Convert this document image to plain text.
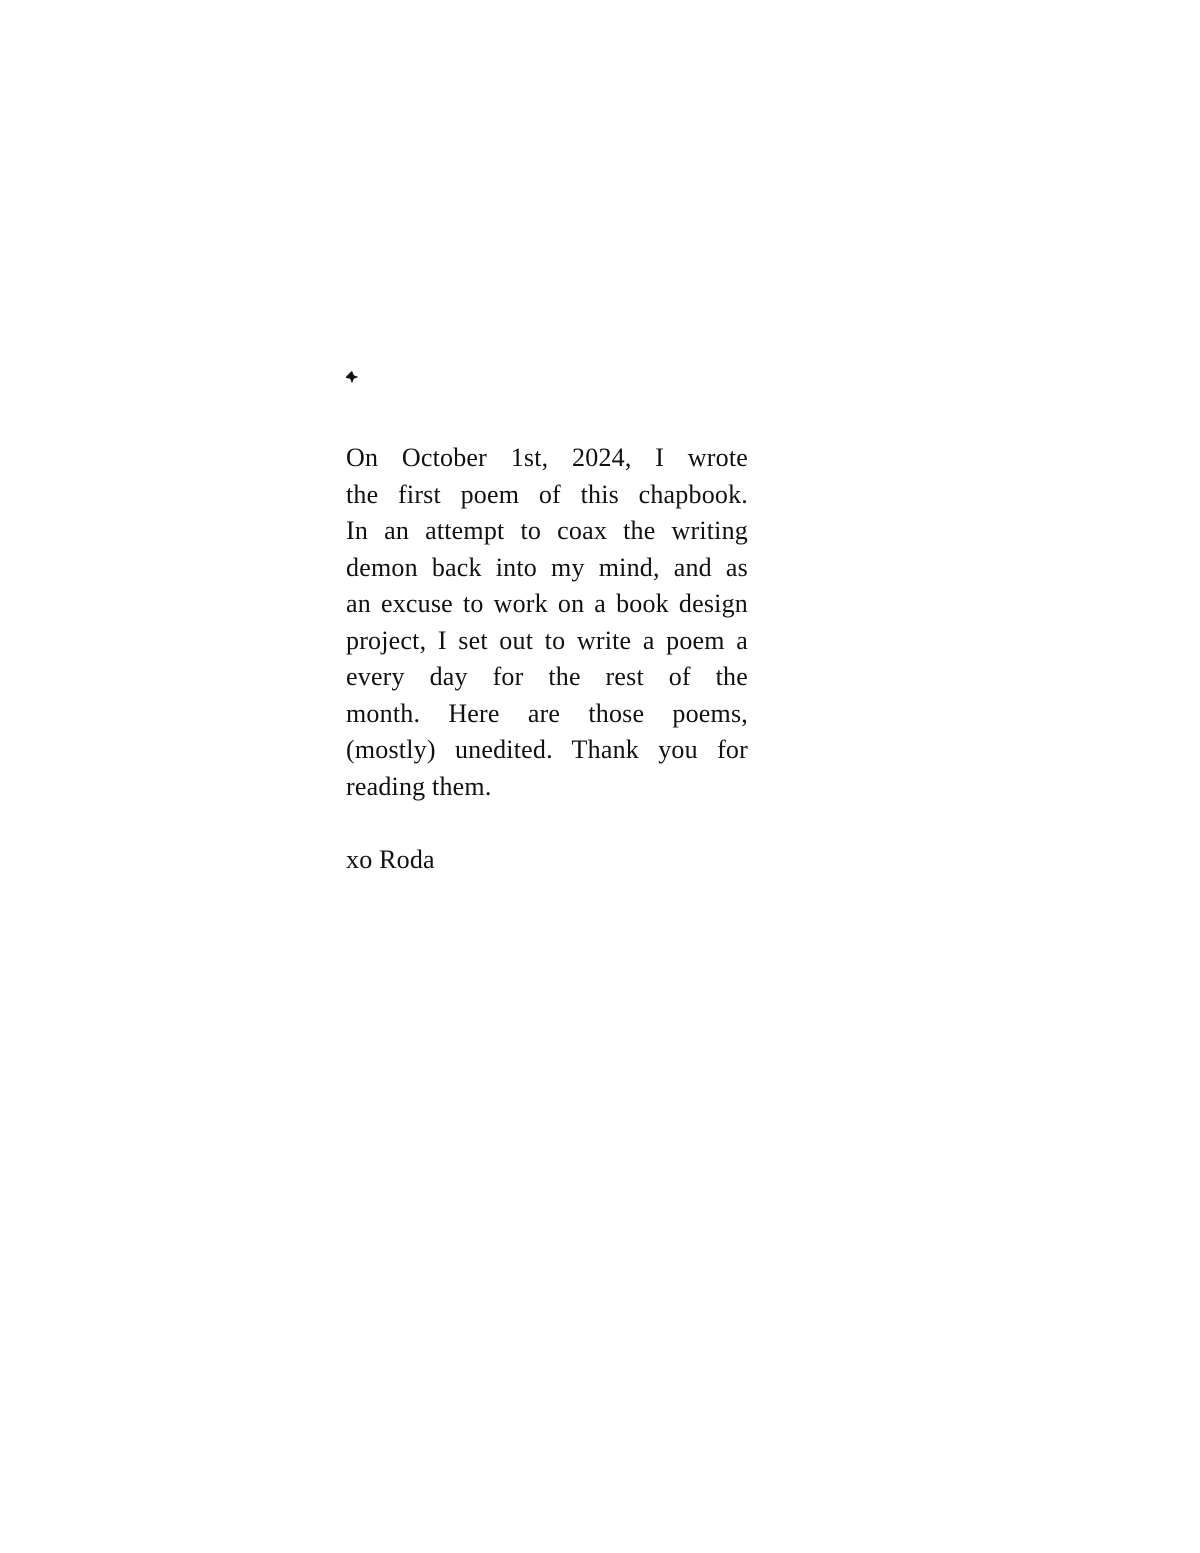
On October 1st, 2024, I wrote
the first poem of this chapbook.
In an attempt to coax the writing
demon back into my mind, and as
an excuse to work on a book design
project, I set out to write a poem a
every day for the rest of the
month. Here are those poems,
(mostly) unedited. Thank you for
reading them.
xo Roda
